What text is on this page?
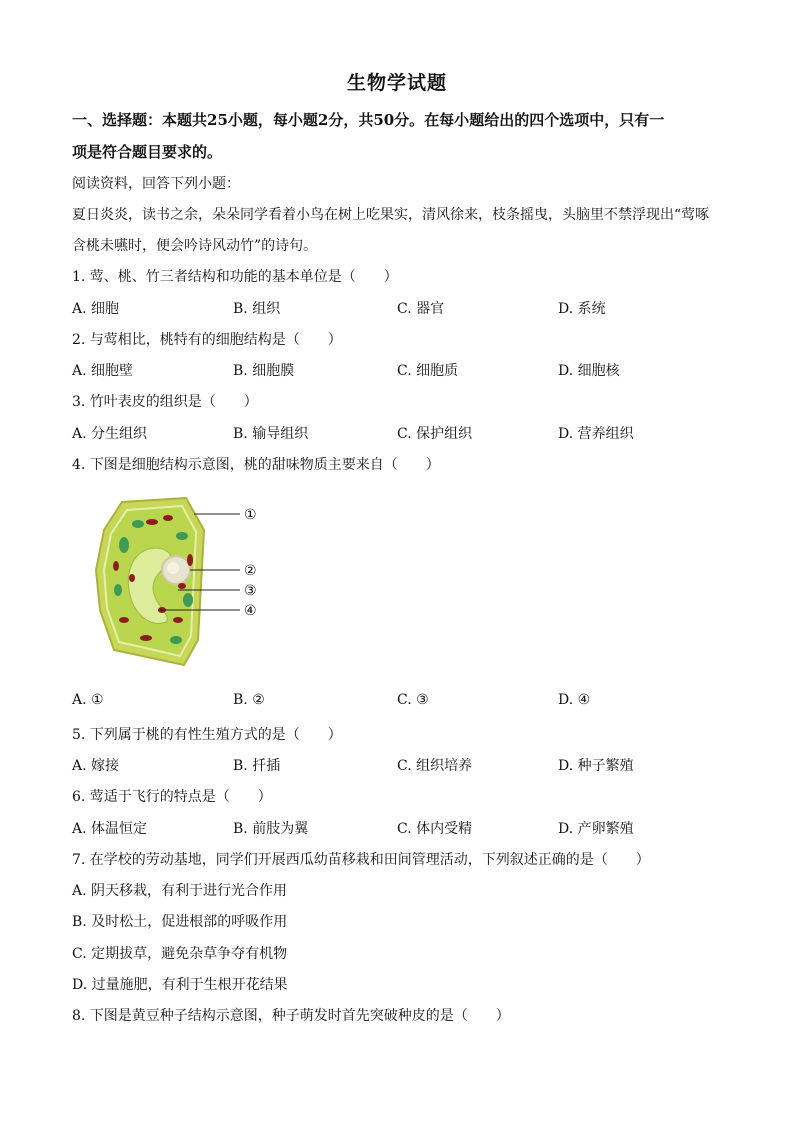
生物学试题
一、选择题：本题共25小题，每小题2分，共50分。在每小题给出的四个选项中，只有一
项是符合题目要求的。
阅读资料，回答下列小题：
夏日炎炎，读书之余，朵朵同学看着小鸟在树上吃果实，清风徐来，枝条摇曳，头脑里不禁浮现出“莺啄
含桃未嚥时，便会吟诗风动竹”的诗句。
1. 莺、桃、竹三者结构和功能的基本单位是（　　）
A. 细胞	B. 组织	C. 器官	D. 系统
2. 与莺相比，桃特有的细胞结构是（　　）
A. 细胞壁	B. 细胞膜	C. 细胞质	D. 细胞核
3. 竹叶表皮的组织是（　　）
A. 分生组织	B. 输导组织	C. 保护组织	D. 营养组织
4. 下图是细胞结构示意图，桃的甜味物质主要来自（　　）
①
②
③
④
A. ①	B. ②	C. ③	D. ④
5. 下列属于桃的有性生殖方式的是（　　）
A. 嫁接	B. 扦插	C. 组织培养	D. 种子繁殖
6. 莺适于飞行的特点是（　　）
A. 体温恒定	B. 前肢为翼	C. 体内受精	D. 产卵繁殖
7. 在学校的劳动基地，同学们开展西瓜幼苗移栽和田间管理活动，下列叙述正确的是（　　）
A. 阴天移栽，有利于进行光合作用
B. 及时松土，促进根部的呼吸作用
C. 定期拔草，避免杂草争夺有机物
D. 过量施肥，有利于生根开花结果
8. 下图是黄豆种子结构示意图，种子萌发时首先突破种皮的是（　　）
